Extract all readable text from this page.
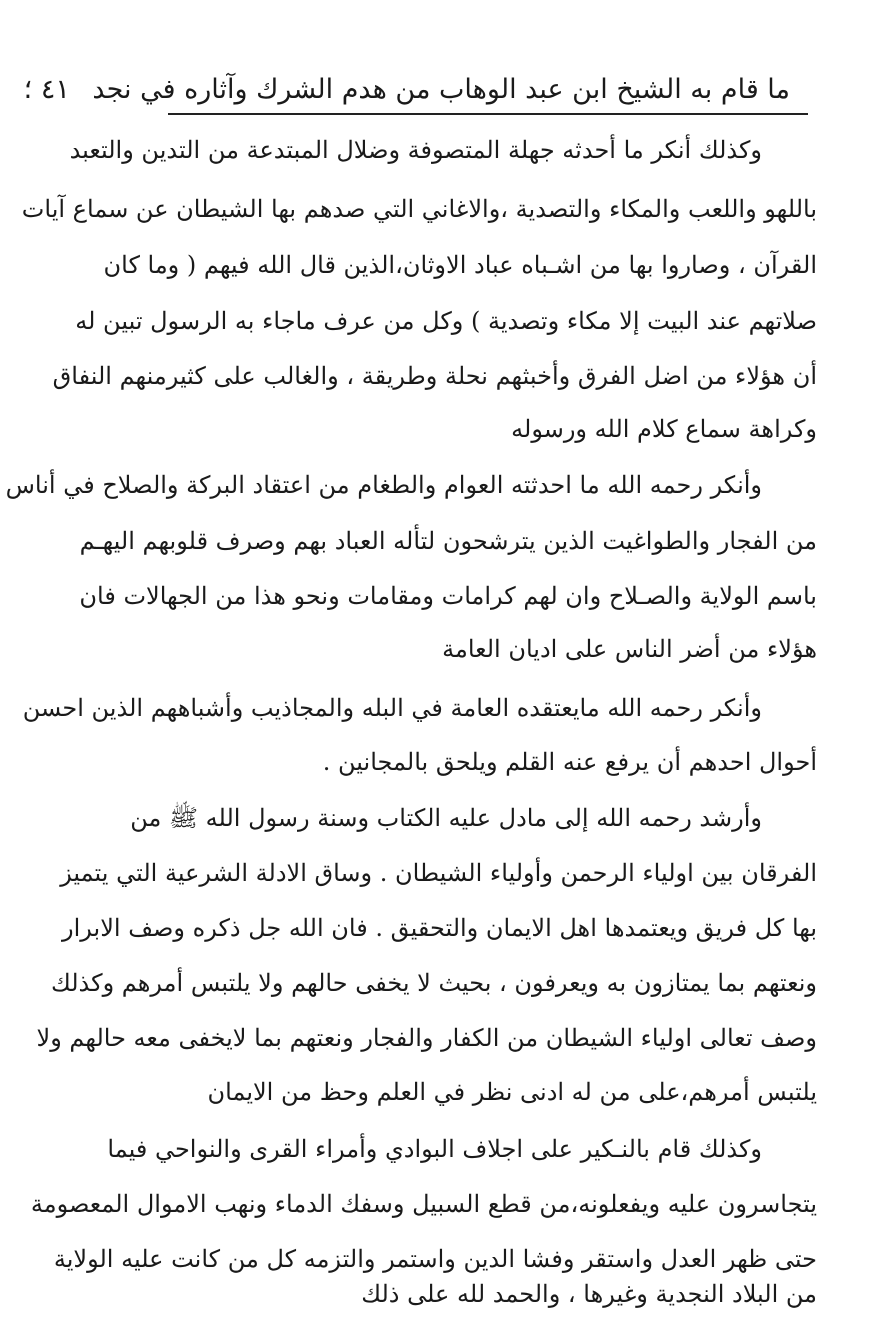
ما قام به الشيخ ابن عبد الوهاب من هدم الشرك وآثاره في نجد ٤١ ؛
وكذلك أنكر ما أحدثه جهلة المتصوفة وضلال المبتدعة من التدين والتعبد
باللهو واللعب والمكاء والتصدية ،والاغاني التي صدهم بها الشيطان عن سماع آيات
القرآن ، وصاروا بها من اشـباه عباد الاوثان،الذين قال الله فيهم ( وما كان
صلاتهم عند البيت إلا مكاء وتصدية ) وكل من عرف ماجاء به الرسول تبين له
أن هؤلاء من اضل الفرق وأخبثهم نحلة وطريقة ، والغالب على كثيرمنهم النفاق
وكراهة سماع كلام الله ورسوله
وأنكر رحمه الله ما احدثته العوام والطغام من اعتقاد البركة والصلاح في أناس
من الفجار والطواغيت الذين يترشحون لتأله العباد بهم وصرف قلوبهم اليهـم
باسم الولاية والصـلاح وان لهم كرامات ومقامات ونحو هذا من الجهالات فان
هؤلاء من أضر الناس على اديان العامة
وأنكر رحمه الله مايعتقده العامة في البله والمجاذيب وأشباههم الذين احسن
أحوال احدهم أن يرفع عنه القلم ويلحق بالمجانين .
وأرشد رحمه الله إلى مادل عليه الكتاب وسنة رسول الله ﷺ من
الفرقان بين اولياء الرحمن وأولياء الشيطان . وساق الادلة الشرعية التي يتميز
بها كل فريق ويعتمدها اهل الايمان والتحقيق . فان الله جل ذكره وصف الابرار
ونعتهم بما يمتازون به ويعرفون ، بحيث لا يخفى حالهم ولا يلتبس أمرهم وكذلك
وصف تعالى اولياء الشيطان من الكفار والفجار ونعتهم بما لايخفى معه حالهم ولا
يلتبس أمرهم،على من له ادنى نظر في العلم وحظ من الايمان
وكذلك قام بالنـكير على اجلاف البوادي وأمراء القرى والنواحي فيما
يتجاسرون عليه ويفعلونه،من قطع السبيل وسفك الدماء ونهب الاموال المعصومة
حتى ظهر العدل واستقر وفشا الدين واستمر والتزمه كل من كانت عليه الولاية
من البلاد النجدية وغيرها ، والحمد لله على ذلك
